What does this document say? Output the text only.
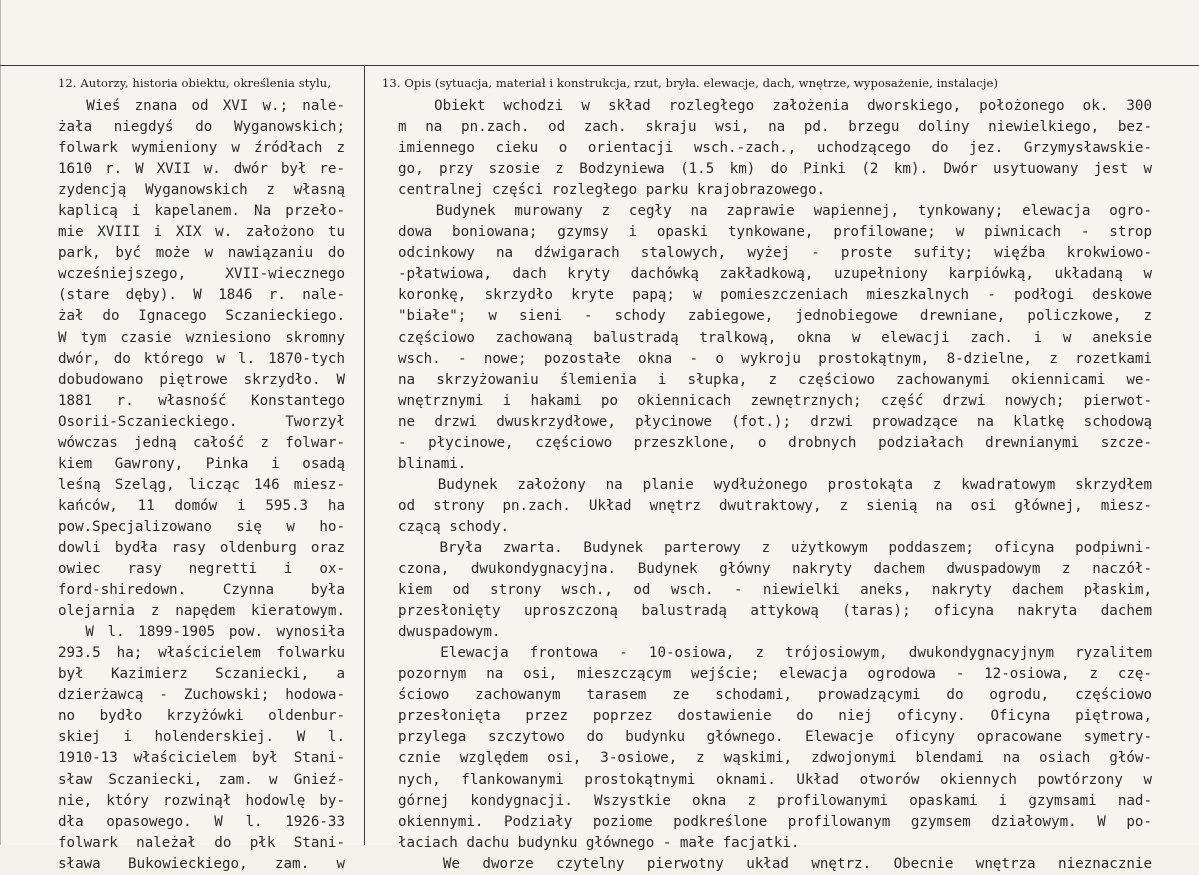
12. Autorzy, historia obiektu, określenia stylu,	13. Opis (sytuacja, materiał i konstrukcja, rzut, bryła. elewacje, dach, wnętrze, wyposażenie, instalacje)
Wieś znana od XVI w.; nale-
żała niegdyś do Wyganowskich;
folwark wymieniony w źródłach z
1610 r. W XVII w. dwór był re-
zydencją Wyganowskich z własną
kaplicą i kapelanem. Na przeło-
mie XVIII i XIX w. założono tu
park, być może w nawiązaniu do
wcześniejszego, XVII-wiecznego
(stare dęby). W 1846 r. nale-
żał do Ignacego Sczanieckiego.
W tym czasie wzniesiono skromny
dwór, do którego w l. 1870-tych
dobudowano piętrowe skrzydło. W
1881 r. własność Konstantego
Osorii-Sczanieckiego. Tworzył
wówczas jedną całość z folwar-
kiem Gawrony, Pinka i osadą
leśną Szeląg, licząc 146 miesz-
kańców, 11 domów i 595.3 ha
pow.Specjalizowano się w ho-
dowli bydła rasy oldenburg oraz
owiec rasy negretti i ox-
ford-shiredown. Czynna była
olejarnia z napędem kieratowym.
W l. 1899-1905 pow. wynosiła
293.5 ha; właścicielem folwarku
był Kazimierz Sczaniecki, a
dzierżawcą - Zuchowski; hodowa-
no bydło krzyżówki oldenbur-
skiej i holenderskiej. W l.
1910-13 właścicielem był Stani-
sław Sczaniecki, zam. w Gnieź-
nie, który rozwinął hodowlę by-
dła opasowego. W l. 1926-33
folwark należał do płk Stani-
sława Bukowieckiego, zam. w
Obiekt wchodzi w skład rozległego założenia dworskiego, położonego ok. 300
m na pn.zach. od zach. skraju wsi, na pd. brzegu doliny niewielkiego, bez-
imiennego cieku o orientacji wsch.-zach., uchodzącego do jez. Grzymysławskie-
go, przy szosie z Bodzyniewa (1.5 km) do Pinki (2 km). Dwór usytuowany jest w
centralnej części rozległego parku krajobrazowego.
Budynek murowany z cegły na zaprawie wapiennej, tynkowany; elewacja ogro-
dowa boniowana; gzymsy i opaski tynkowane, profilowane; w piwnicach - strop
odcinkowy na dźwigarach stalowych, wyżej - proste sufity; więźba krokwiowo-
-płatwiowa, dach kryty dachówką zakładkową, uzupełniony karpiówką, układaną w
koronkę, skrzydło kryte papą; w pomieszczeniach mieszkalnych - podłogi deskowe
"białe"; w sieni - schody zabiegowe, jednobiegowe drewniane, policzkowe, z
częściowo zachowaną balustradą tralkową, okna w elewacji zach. i w aneksie
wsch. - nowe; pozostałe okna - o wykroju prostokątnym, 8-dzielne, z rozetkami
na skrzyżowaniu ślemienia i słupka, z częściowo zachowanymi okiennicami we-
wnętrznymi i hakami po okiennicach zewnętrznych; część drzwi nowych; pierwot-
ne drzwi dwuskrzydłowe, płycinowe (fot.); drzwi prowadzące na klatkę schodową
- płycinowe, częściowo przeszklone, o drobnych podziałach drewnianymi szcze-
blinami.
Budynek założony na planie wydłużonego prostokąta z kwadratowym skrzydłem
od strony pn.zach. Układ wnętrz dwutraktowy, z sienią na osi głównej, miesz-
czącą schody.
Bryła zwarta. Budynek parterowy z użytkowym poddaszem; oficyna podpiwni-
czona, dwukondygnacyjna. Budynek główny nakryty dachem dwuspadowym z naczół-
kiem od strony wsch., od wsch. - niewielki aneks, nakryty dachem płaskim,
przesłonięty uproszczoną balustradą attykową (taras); oficyna nakryta dachem
dwuspadowym.
Elewacja frontowa - 10-osiowa, z trójosiowym, dwukondygnacyjnym ryzalitem
pozornym na osi, mieszczącym wejście; elewacja ogrodowa - 12-osiowa, z czę-
ściowo zachowanym tarasem ze schodami, prowadzącymi do ogrodu, częściowo
przesłonięta przez poprzez dostawienie do niej oficyny. Oficyna piętrowa,
przylega szczytowo do budynku głównego. Elewacje oficyny opracowane symetry-
cznie względem osi, 3-osiowe, z wąskimi, zdwojonymi blendami na osiach głów-
nych, flankowanymi prostokątnymi oknami. Układ otworów okiennych powtórzony w
górnej kondygnacji. Wszystkie okna z profilowanymi opaskami i gzymsami nad-
okiennymi. Podziały poziome podkreślone profilowanym gzymsem działowym. W po-
łaciach dachu budynku głównego - małe facjatki.
We dworze czytelny pierwotny układ wnętrz. Obecnie wnętrza nieznacznie
